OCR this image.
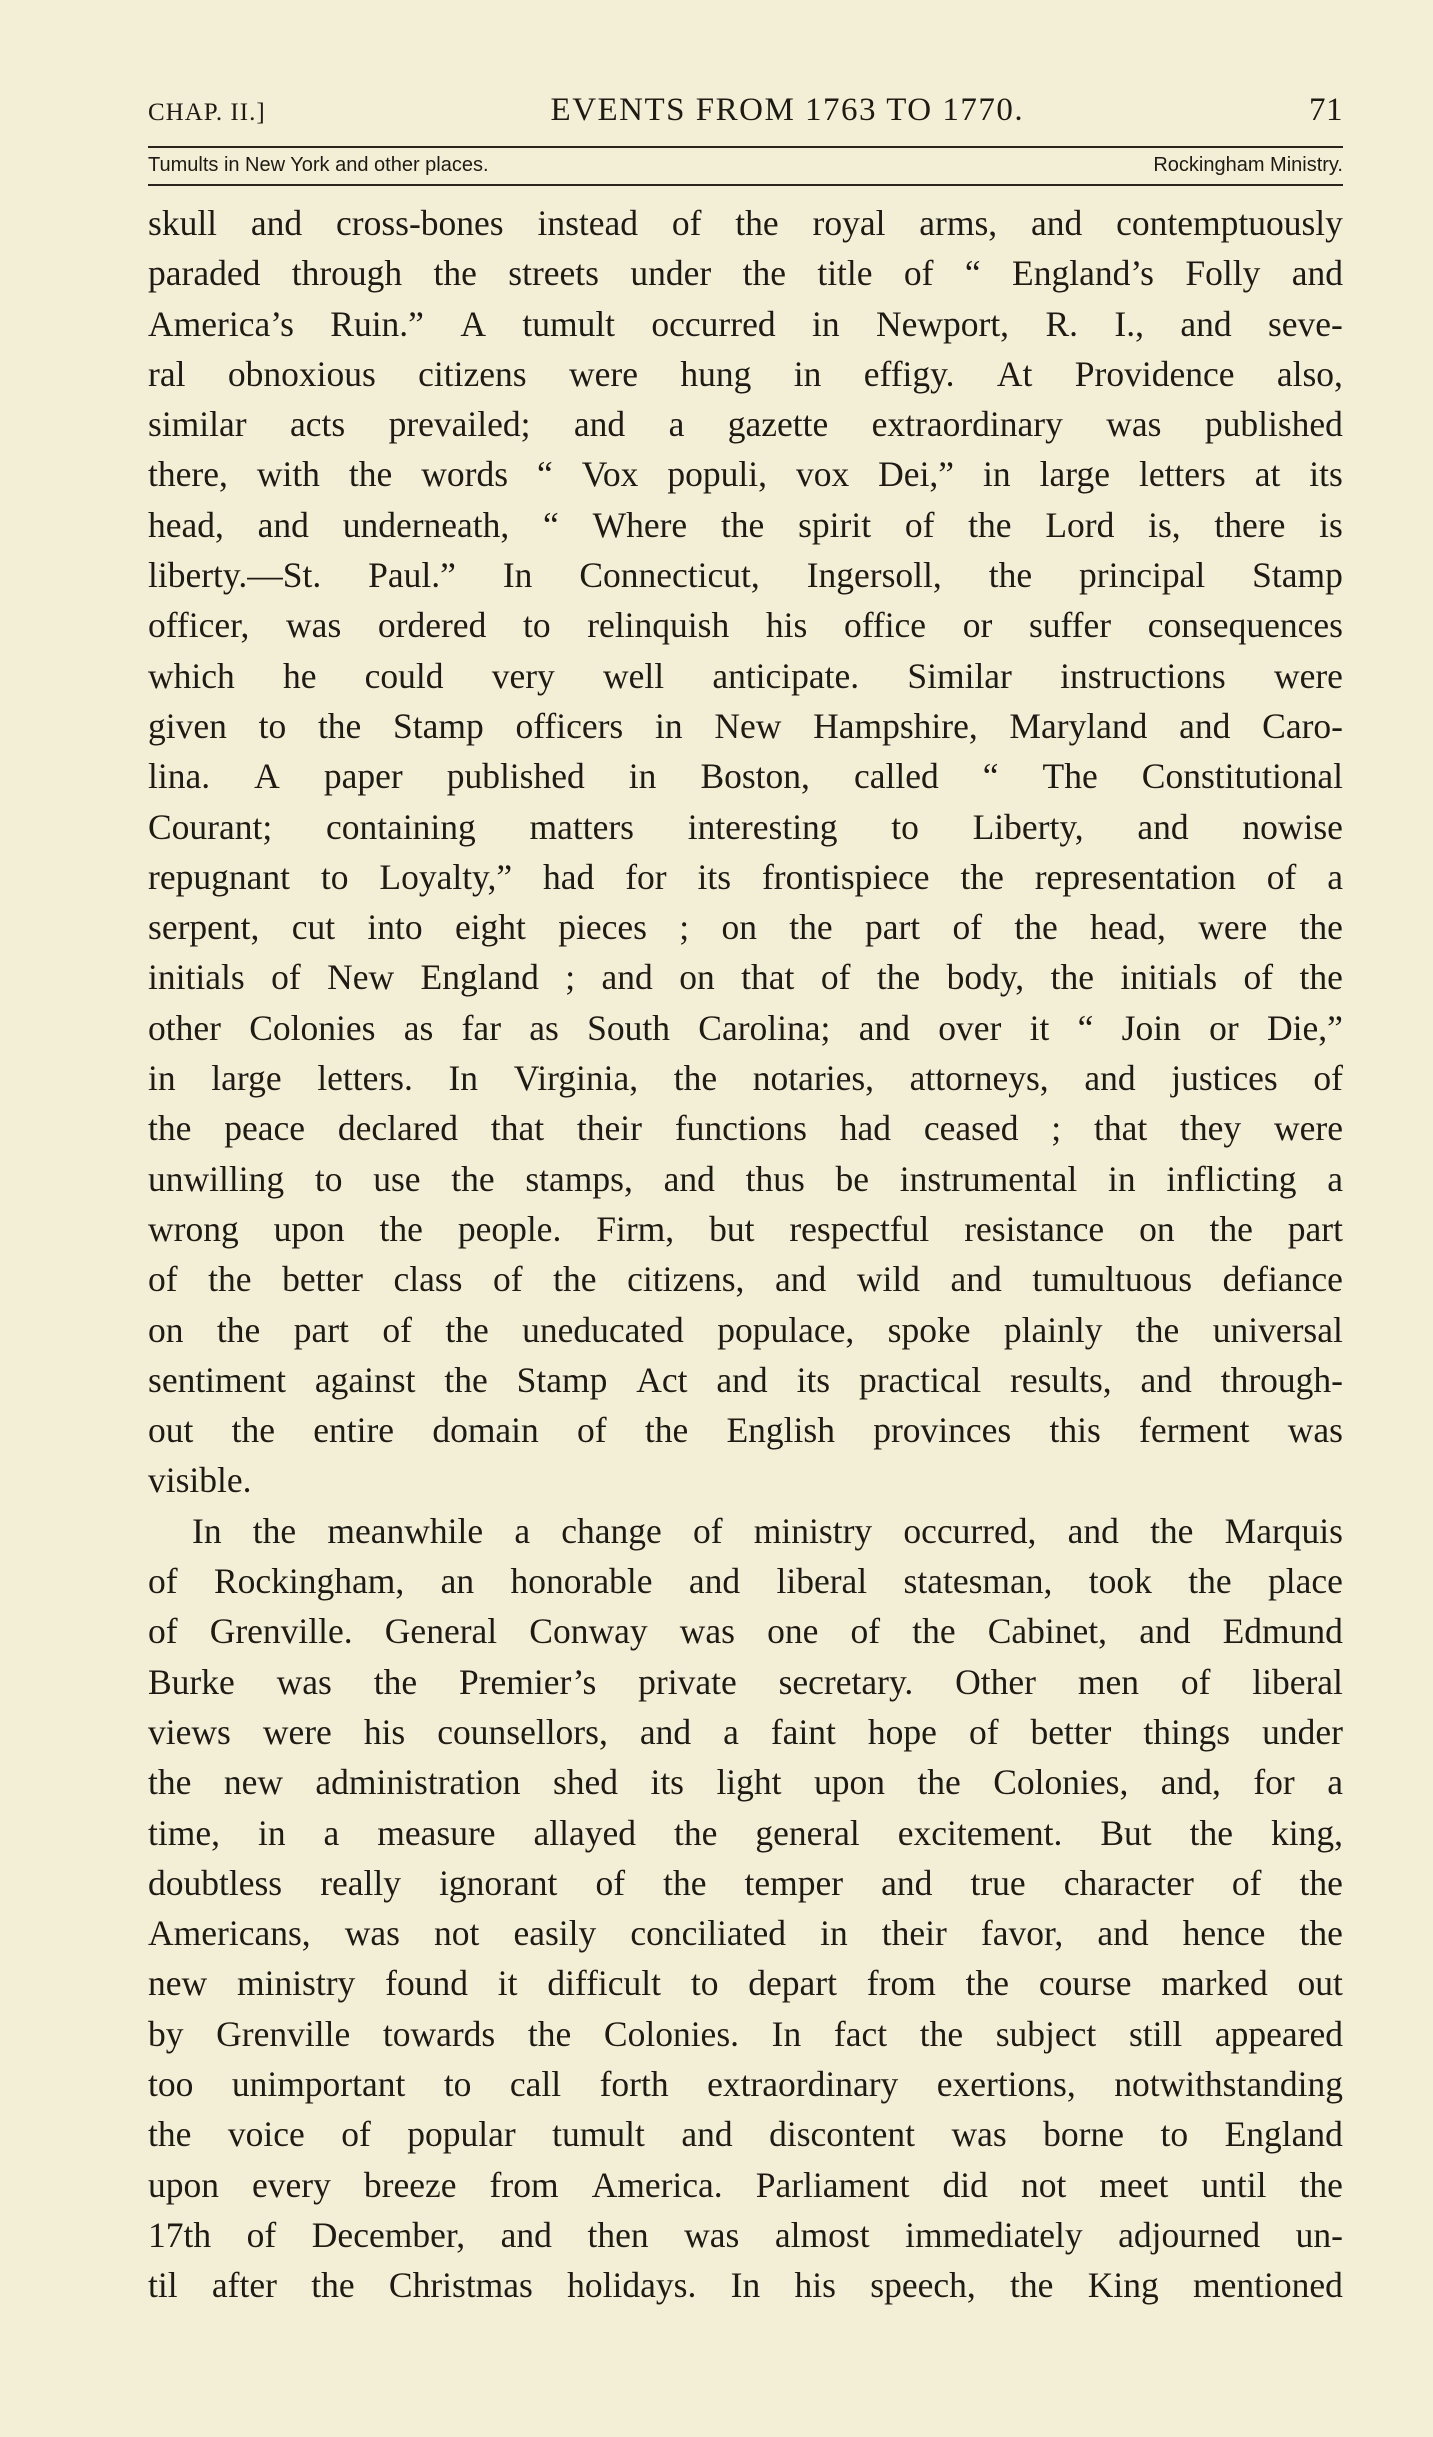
CHAP. II.]	EVENTS FROM 1763 TO 1770.	71
Tumults in New York and other places.	Rockingham Ministry.
skull and cross-bones instead of the royal arms, and contemptuously
paraded through the streets under the title of “ England’s Folly and
America’s Ruin.” A tumult occurred in Newport, R. I., and seve-
ral obnoxious citizens were hung in effigy. At Providence also,
similar acts prevailed; and a gazette extraordinary was published
there, with the words “ Vox populi, vox Dei,” in large letters at its
head, and underneath, “ Where the spirit of the Lord is, there is
liberty.—St. Paul.” In Connecticut, Ingersoll, the principal Stamp
officer, was ordered to relinquish his office or suffer consequences
which he could very well anticipate. Similar instructions were
given to the Stamp officers in New Hampshire, Maryland and Caro-
lina. A paper published in Boston, called “ The Constitutional
Courant; containing matters interesting to Liberty, and nowise
repugnant to Loyalty,” had for its frontispiece the representation of a
serpent, cut into eight pieces ; on the part of the head, were the
initials of New England ; and on that of the body, the initials of the
other Colonies as far as South Carolina; and over it “ Join or Die,”
in large letters. In Virginia, the notaries, attorneys, and justices of
the peace declared that their functions had ceased ; that they were
unwilling to use the stamps, and thus be instrumental in inflicting a
wrong upon the people. Firm, but respectful resistance on the part
of the better class of the citizens, and wild and tumultuous defiance
on the part of the uneducated populace, spoke plainly the universal
sentiment against the Stamp Act and its practical results, and through-
out the entire domain of the English provinces this ferment was
visible.
In the meanwhile a change of ministry occurred, and the Marquis
of Rockingham, an honorable and liberal statesman, took the place
of Grenville. General Conway was one of the Cabinet, and Edmund
Burke was the Premier’s private secretary. Other men of liberal
views were his counsellors, and a faint hope of better things under
the new administration shed its light upon the Colonies, and, for a
time, in a measure allayed the general excitement. But the king,
doubtless really ignorant of the temper and true character of the
Americans, was not easily conciliated in their favor, and hence the
new ministry found it difficult to depart from the course marked out
by Grenville towards the Colonies. In fact the subject still appeared
too unimportant to call forth extraordinary exertions, notwithstanding
the voice of popular tumult and discontent was borne to England
upon every breeze from America. Parliament did not meet until the
17th of December, and then was almost immediately adjourned un-
til after the Christmas holidays. In his speech, the King mentioned
